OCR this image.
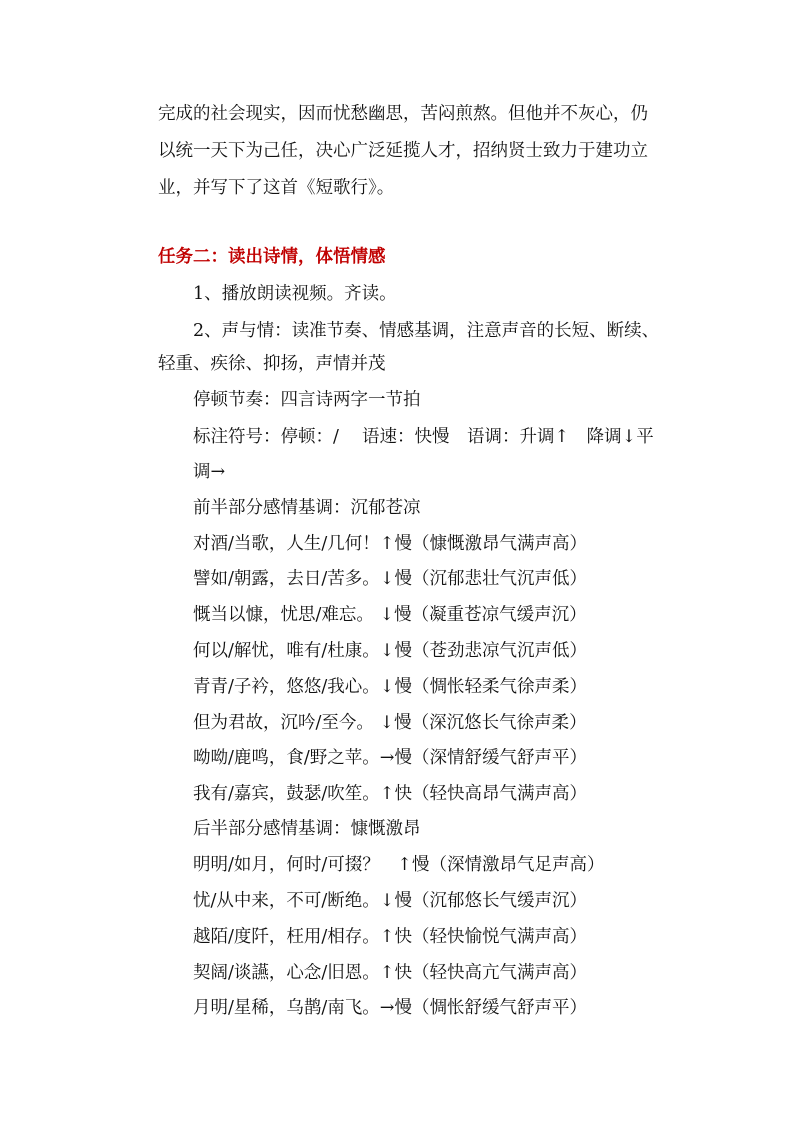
完成的社会现实，因而忧愁幽思，苦闷煎熬。但他并不灰心，仍
以统一天下为己任，决心广泛延揽人才，招纳贤士致力于建功立
业，并写下了这首《短歌行》。
任务二：读出诗情，体悟情感
1、播放朗读视频。齐读。
2、声与情：读准节奏、情感基调，注意声音的长短、断续、
轻重、疾徐、抑扬，声情并茂
停顿节奏：四言诗两字一节拍
标注符号：停顿：/　 语速：快慢　语调：升调↑　降调↓平
调→
前半部分感情基调：沉郁苍凉
对酒/当歌，人生/几何！↑慢（慷慨激昂气满声高）
譬如/朝露，去日/苦多。↓慢（沉郁悲壮气沉声低）
慨当以慷，忧思/难忘。 ↓慢（凝重苍凉气缓声沉）
何以/解忧，唯有/杜康。↓慢（苍劲悲凉气沉声低）
青青/子衿，悠悠/我心。↓慢（惆怅轻柔气徐声柔）
但为君故，沉吟/至今。 ↓慢（深沉悠长气徐声柔）
呦呦/鹿鸣，食/野之苹。→慢（深情舒缓气舒声平）
我有/嘉宾，鼓瑟/吹笙。↑快（轻快高昂气满声高）
后半部分感情基调：慷慨激昂
明明/如月，何时/可掇？　↑慢（深情激昂气足声高）
忧/从中来，不可/断绝。↓慢（沉郁悠长气缓声沉）
越陌/度阡，枉用/相存。↑快（轻快愉悦气满声高）
契阔/谈讌，心念/旧恩。↑快（轻快高亢气满声高）
月明/星稀，乌鹊/南飞。→慢（惆怅舒缓气舒声平）
